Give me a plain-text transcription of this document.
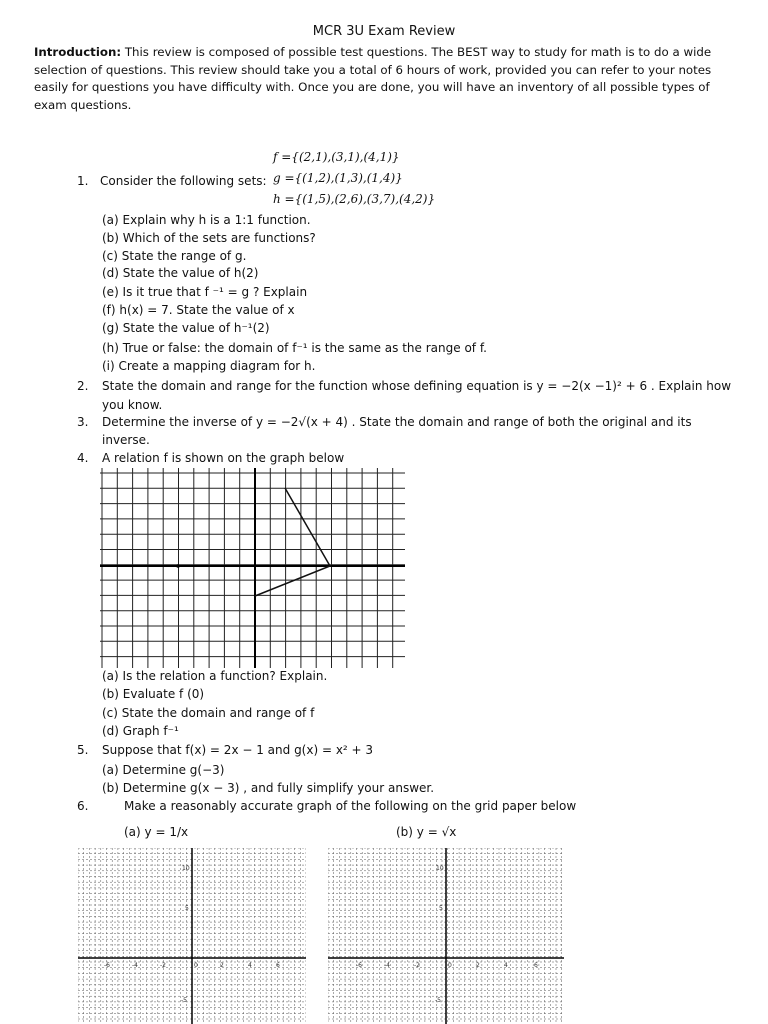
MCR 3U Exam Review
Introduction: This review is composed of possible test questions. The BEST way to study for math is to do a wide selection of questions. This review should take you a total of 6 hours of work, provided you can refer to your notes easily for questions you have difficulty with. Once you are done, you will have an inventory of all possible types of exam questions.
f ={(2,1),(3,1),(4,1)}
1. Consider the following sets: g ={(1,2),(1,3),(1,4)}
h ={(1,5),(2,6),(3,7),(4,2)}
(a) Explain why h is a 1:1 function.
(b) Which of the sets are functions?
(c) State the range of g.
(d) State the value of h(2)
(e) Is it true that f ⁻¹ = g ? Explain
(f) h(x) = 7. State the value of x
(g) State the value of h⁻¹(2)
(h) True or false: the domain of f⁻¹ is the same as the range of f.
(i) Create a mapping diagram for h.
2. State the domain and range for the function whose defining equation is y = −2(x −1)² + 6 . Explain how
you know.
3. Determine the inverse of y = −2√(x + 4) . State the domain and range of both the original and its
inverse.
4. A relation f is shown on the graph below
(a) Is the relation a function? Explain.
(b) Evaluate f (0)
(c) State the domain and range of f
(d) Graph f⁻¹
5. Suppose that f(x) = 2x − 1 and g(x) = x² + 3
(a) Determine g(−3)
(b) Determine g(x − 3) , and fully simplify your answer.
6.	Make a reasonably accurate graph of the following on the grid paper below
(a) y = 1/x	(b) y = √x
-6	-4	-2	0	2	4	6
10
5
-5
-6	-4	-2	0	2	4	6
10
5
-5
